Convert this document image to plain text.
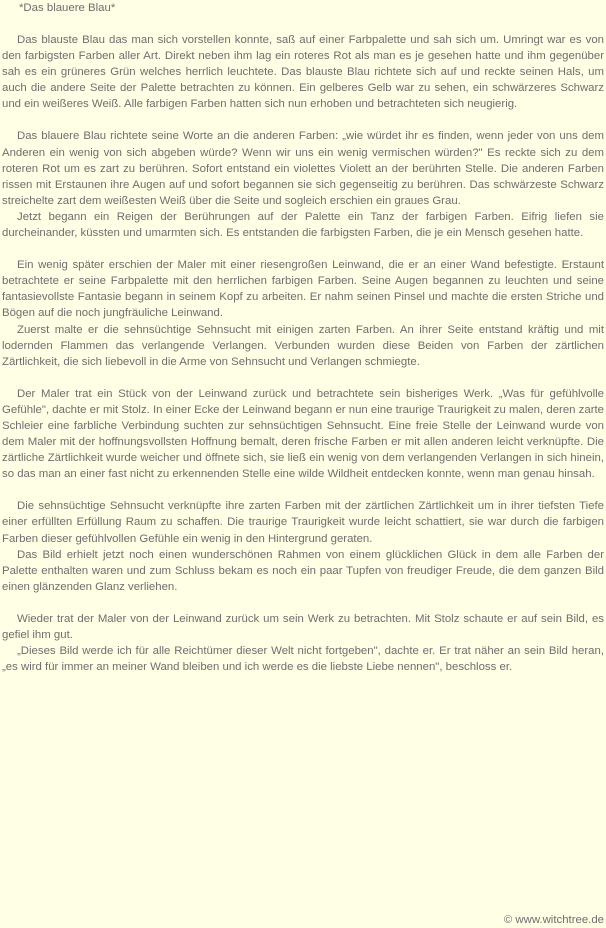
*Das blauere Blau*
Das blauste Blau das man sich vorstellen konnte, saß auf einer Farbpalette und sah sich um. Umringt war es von den farbigsten Farben aller Art. Direkt neben ihm lag ein roteres Rot als man es je gesehen hatte und ihm gegenüber sah es ein grüneres Grün welches herrlich leuchtete. Das blauste Blau richtete sich auf und reckte seinen Hals, um auch die andere Seite der Palette betrachten zu können. Ein gelberes Gelb war zu sehen, ein schwärzeres Schwarz und ein weißeres Weiß. Alle farbigen Farben hatten sich nun erhoben und betrachteten sich neugierig.
Das blauere Blau richtete seine Worte an die anderen Farben: „wie würdet ihr es finden, wenn jeder von uns dem Anderen ein wenig von sich abgeben würde? Wenn wir uns ein wenig vermischen würden?" Es reckte sich zu dem roteren Rot um es zart zu berühren. Sofort entstand ein violettes Violett an der berührten Stelle. Die anderen Farben rissen mit Erstaunen ihre Augen auf und sofort begannen sie sich gegenseitig zu berühren. Das schwärzeste Schwarz streichelte zart dem weißesten Weiß über die Seite und sogleich erschien ein graues Grau.
Jetzt begann ein Reigen der Berührungen auf der Palette ein Tanz der farbigen Farben. Eifrig liefen sie durcheinander, küssten und umarmten sich. Es entstanden die farbigsten Farben, die je ein Mensch gesehen hatte.
Ein wenig später erschien der Maler mit einer riesengroßen Leinwand, die er an einer Wand befestigte. Erstaunt betrachtete er seine Farbpalette mit den herrlichen farbigen Farben. Seine Augen begannen zu leuchten und seine fantasievollste Fantasie begann in seinem Kopf zu arbeiten. Er nahm seinen Pinsel und machte die ersten Striche und Bögen auf die noch jungfräuliche Leinwand.
Zuerst malte er die sehnsüchtige Sehnsucht mit einigen zarten Farben. An ihrer Seite entstand kräftig und mit lodernden Flammen das verlangende Verlangen. Verbunden wurden diese Beiden von Farben der zärtlichen Zärtlichkeit, die sich liebevoll in die Arme von Sehnsucht und Verlangen schmiegte.
Der Maler trat ein Stück von der Leinwand zurück und betrachtete sein bisheriges Werk. „Was für gefühlvolle Gefühle", dachte er mit Stolz. In einer Ecke der Leinwand begann er nun eine traurige Traurigkeit zu malen, deren zarte Schleier eine farbliche Verbindung suchten zur sehnsüchtigen Sehnsucht. Eine freie Stelle der Leinwand wurde von dem Maler mit der hoffnungsvollsten Hoffnung bemalt, deren frische Farben er mit allen anderen leicht verknüpfte. Die zärtliche Zärtlichkeit wurde weicher und öffnete sich, sie ließ ein wenig von dem verlangenden Verlangen in sich hinein, so das man an einer fast nicht zu erkennenden Stelle eine wilde Wildheit entdecken konnte, wenn man genau hinsah.
Die sehnsüchtige Sehnsucht verknüpfte ihre zarten Farben mit der zärtlichen Zärtlichkeit um in ihrer tiefsten Tiefe einer erfüllten Erfüllung Raum zu schaffen. Die traurige Traurigkeit wurde leicht schattiert, sie war durch die farbigen Farben dieser gefühlvollen Gefühle ein wenig in den Hintergrund geraten.
Das Bild erhielt jetzt noch einen wunderschönen Rahmen von einem glücklichen Glück in dem alle Farben der Palette enthalten waren und zum Schluss bekam es noch ein paar Tupfen von freudiger Freude, die dem ganzen Bild einen glänzenden Glanz verliehen.
Wieder trat der Maler von der Leinwand zurück um sein Werk zu betrachten. Mit Stolz schaute er auf sein Bild, es gefiel ihm gut.
„Dieses Bild werde ich für alle Reichtümer dieser Welt nicht fortgeben", dachte er. Er trat näher an sein Bild heran, „es wird für immer an meiner Wand bleiben und ich werde es die liebste Liebe nennen", beschloss er.
© www.witchtree.de
